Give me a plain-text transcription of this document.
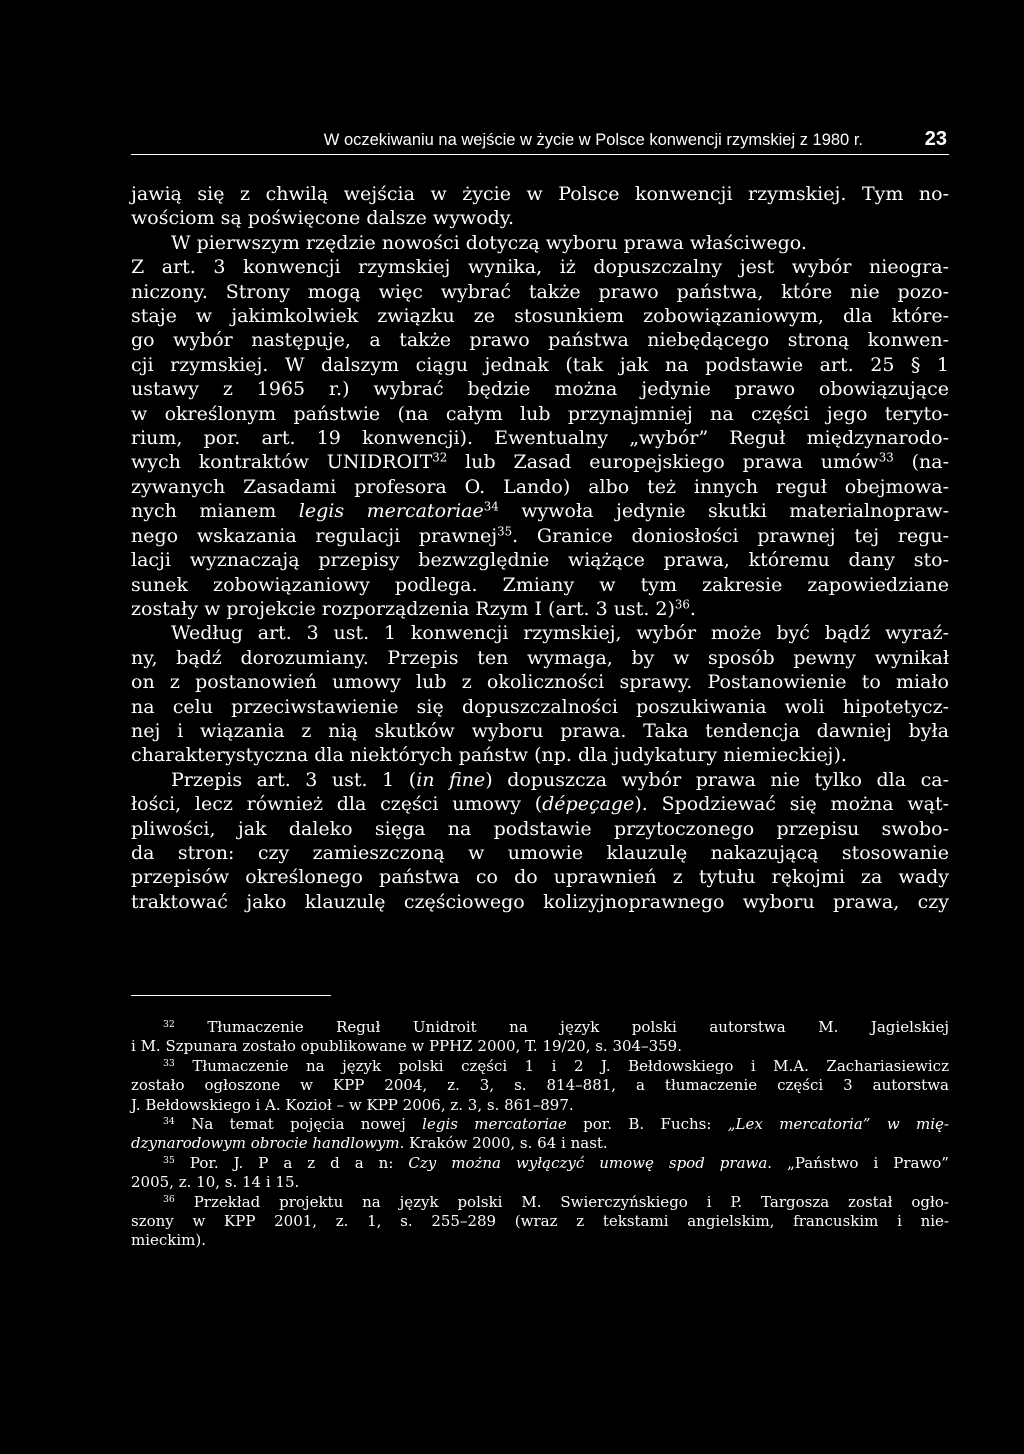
W oczekiwaniu na wejście w życie w Polsce konwencji rzymskiej z 1980 r.	23
jawią się z chwilą wejścia w życie w Polsce konwencji rzymskiej. Tym no-
wościom są poświęcone dalsze wywody.
W pierwszym rzędzie nowości dotyczą wyboru prawa właściwego.
Z art. 3 konwencji rzymskiej wynika, iż dopuszczalny jest wybór nieogra-
niczony. Strony mogą więc wybrać także prawo państwa, które nie pozo-
staje w jakimkolwiek związku ze stosunkiem zobowiązaniowym, dla które-
go wybór następuje, a także prawo państwa niebędącego stroną konwen-
cji rzymskiej. W dalszym ciągu jednak (tak jak na podstawie art. 25 § 1
ustawy z 1965 r.) wybrać będzie można jedynie prawo obowiązujące
w określonym państwie (na całym lub przynajmniej na części jego teryto-
rium, por. art. 19 konwencji). Ewentualny „wybór” Reguł międzynarodo-
wych kontraktów UNIDROIT$^{32}$ lub Zasad europejskiego prawa umów$^{33}$ (na-
zywanych Zasadami profesora O. Lando) albo też innych reguł obejmowa-
nych mianem legis mercatoriae$^{34}$ wywoła jedynie skutki materialnopraw-
nego wskazania regulacji prawnej$^{35}$. Granice doniosłości prawnej tej regu-
lacji wyznaczają przepisy bezwzględnie wiążące prawa, któremu dany sto-
sunek zobowiązaniowy podlega. Zmiany w tym zakresie zapowiedziane
zostały w projekcie rozporządzenia Rzym I (art. 3 ust. 2)$^{36}$.
Według art. 3 ust. 1 konwencji rzymskiej, wybór może być bądź wyraź-
ny, bądź dorozumiany. Przepis ten wymaga, by w sposób pewny wynikał
on z postanowień umowy lub z okoliczności sprawy. Postanowienie to miało
na celu przeciwstawienie się dopuszczalności poszukiwania woli hipotetycz-
nej i wiązania z nią skutków wyboru prawa. Taka tendencja dawniej była
charakterystyczna dla niektórych państw (np. dla judykatury niemieckiej).
Przepis art. 3 ust. 1 (in fine) dopuszcza wybór prawa nie tylko dla ca-
łości, lecz również dla części umowy (dépeçage). Spodziewać się można wąt-
pliwości, jak daleko sięga na podstawie przytoczonego przepisu swobo-
da stron: czy zamieszczoną w umowie klauzulę nakazującą stosowanie
przepisów określonego państwa co do uprawnień z tytułu rękojmi za wady
traktować jako klauzulę częściowego kolizyjnoprawnego wyboru prawa, czy
$^{32}$ Tłumaczenie Reguł Unidroit na język polski autorstwa M. Jagielskiej
i M. Szpunara zostało opublikowane w PPHZ 2000, T. 19/20, s. 304–359.
$^{33}$ Tłumaczenie na język polski części 1 i 2 J. Bełdowskiego i M.A. Zachariasiewicz
zostało ogłoszone w KPP 2004, z. 3, s. 814–881, a tłumaczenie części 3 autorstwa
J. Bełdowskiego i A. Kozioł – w KPP 2006, z. 3, s. 861–897.
$^{34}$ Na temat pojęcia nowej legis mercatoriae por. B. Fuchs: „Lex mercatoria” w mię-
dzynarodowym obrocie handlowym. Kraków 2000, s. 64 i nast.
$^{35}$ Por. J. P a z d a n: Czy można wyłączyć umowę spod prawa. „Państwo i Prawo”
2005, z. 10, s. 14 i 15.
$^{36}$ Przekład projektu na język polski M. Swierczyńskiego i P. Targosza został ogło-
szony w KPP 2001, z. 1, s. 255–289 (wraz z tekstami angielskim, francuskim i nie-
mieckim).
